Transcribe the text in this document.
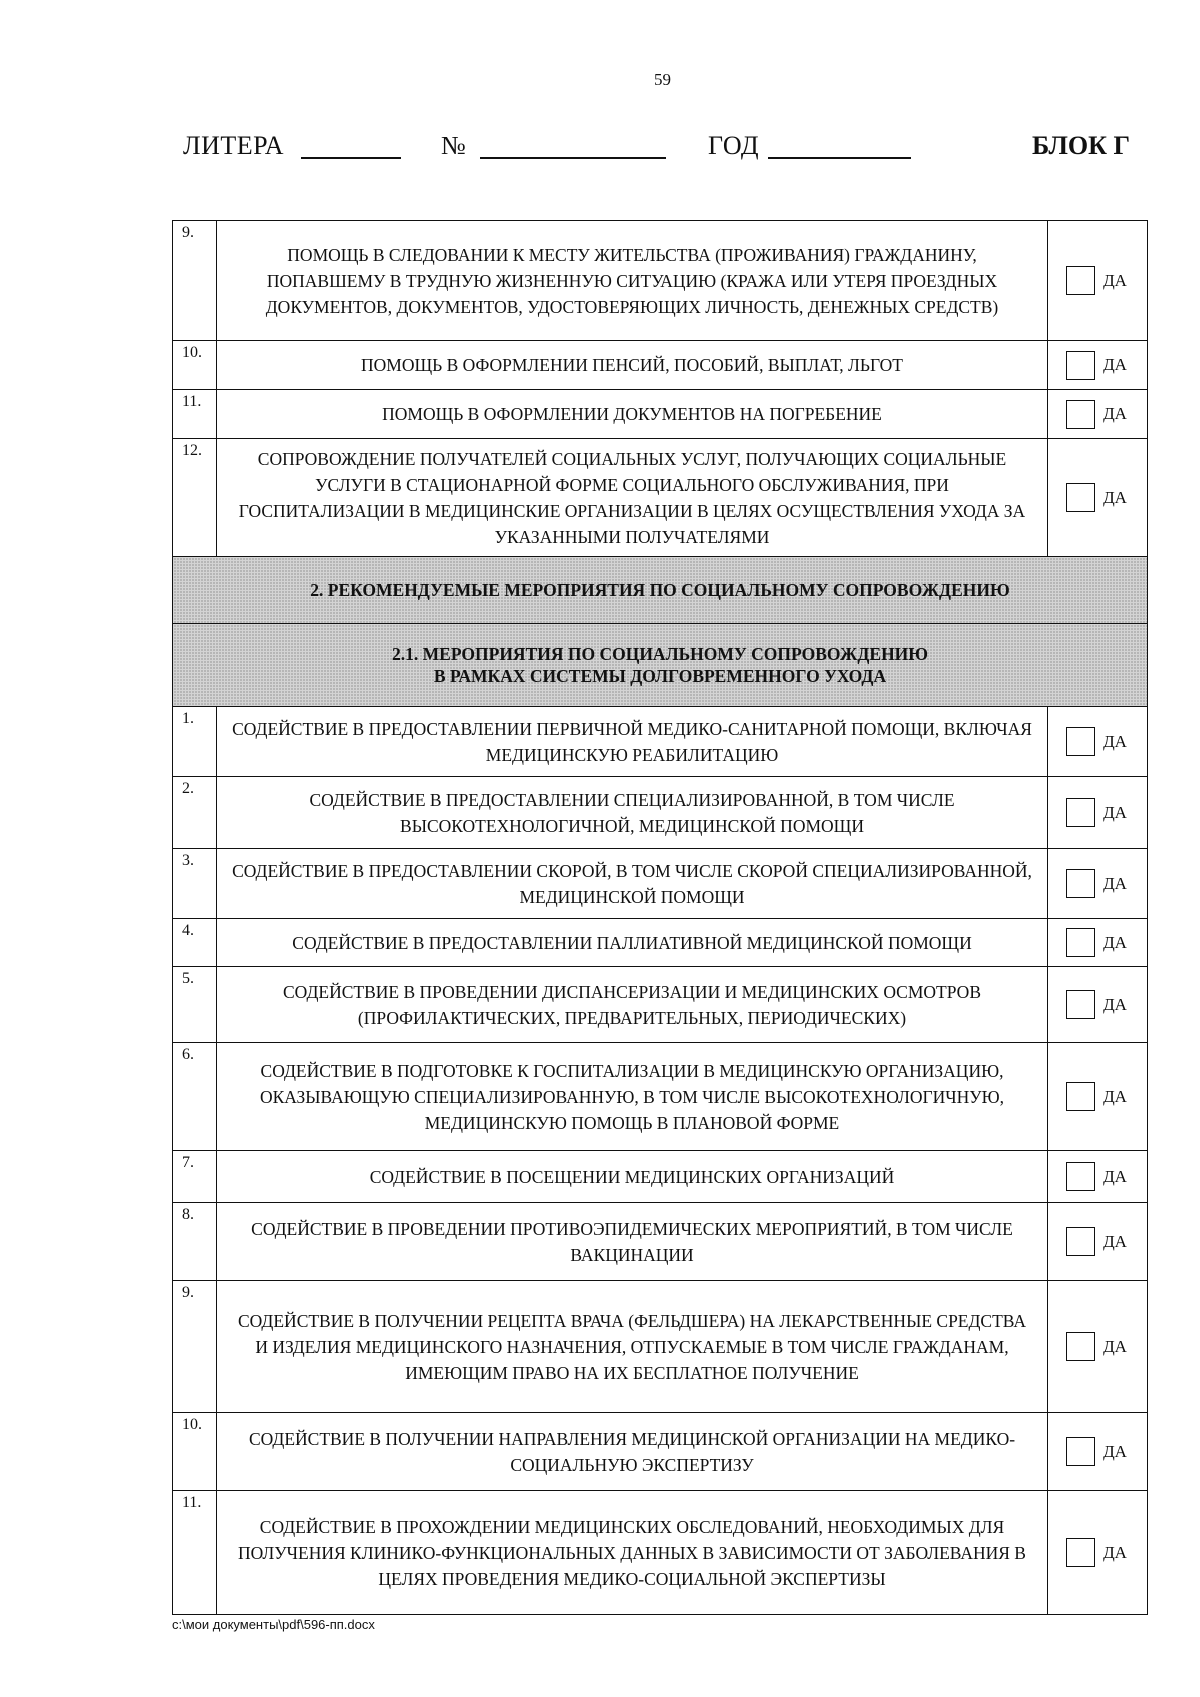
59
ЛИТЕРА	№	ГОД	БЛОК Г
9.	ПОМОЩЬ В СЛЕДОВАНИИ К МЕСТУ ЖИТЕЛЬСТВА (ПРОЖИВАНИЯ) ГРАЖДАНИНУ, ПОПАВШЕМУ В ТРУДНУЮ ЖИЗНЕННУЮ СИТУАЦИЮ (КРАЖА ИЛИ УТЕРЯ ПРОЕЗДНЫХ ДОКУМЕНТОВ, ДОКУМЕНТОВ, УДОСТОВЕРЯЮЩИХ ЛИЧНОСТЬ, ДЕНЕЖНЫХ СРЕДСТВ)	ДА

10.	ПОМОЩЬ В ОФОРМЛЕНИИ ПЕНСИЙ, ПОСОБИЙ, ВЫПЛАТ, ЛЬГОТ	ДА

11.	ПОМОЩЬ В ОФОРМЛЕНИИ ДОКУМЕНТОВ НА ПОГРЕБЕНИЕ	ДА

12.	СОПРОВОЖДЕНИЕ ПОЛУЧАТЕЛЕЙ СОЦИАЛЬНЫХ УСЛУГ, ПОЛУЧАЮЩИХ СОЦИАЛЬНЫЕ УСЛУГИ В СТАЦИОНАРНОЙ ФОРМЕ СОЦИАЛЬНОГО ОБСЛУЖИВАНИЯ, ПРИ ГОСПИТАЛИЗАЦИИ В МЕДИЦИНСКИЕ ОРГАНИЗАЦИИ В ЦЕЛЯХ ОСУЩЕСТВЛЕНИЯ УХОДА ЗА УКАЗАННЫМИ ПОЛУЧАТЕЛЯМИ	ДА

2. РЕКОМЕНДУЕМЫЕ МЕРОПРИЯТИЯ ПО СОЦИАЛЬНОМУ СОПРОВОЖДЕНИЮ		

2.1. МЕРОПРИЯТИЯ ПО СОЦИАЛЬНОМУ СОПРОВОЖДЕНИЮ
В РАМКАХ СИСТЕМЫ ДОЛГОВРЕМЕННОГО УХОДА		

1.	СОДЕЙСТВИЕ В ПРЕДОСТАВЛЕНИИ ПЕРВИЧНОЙ МЕДИКО-САНИТАРНОЙ ПОМОЩИ, ВКЛЮЧАЯ МЕДИЦИНСКУЮ РЕАБИЛИТАЦИЮ	ДА

2.	СОДЕЙСТВИЕ В ПРЕДОСТАВЛЕНИИ СПЕЦИАЛИЗИРОВАННОЙ, В ТОМ ЧИСЛЕ ВЫСОКОТЕХНОЛОГИЧНОЙ, МЕДИЦИНСКОЙ ПОМОЩИ	ДА

3.	СОДЕЙСТВИЕ В ПРЕДОСТАВЛЕНИИ СКОРОЙ, В ТОМ ЧИСЛЕ СКОРОЙ СПЕЦИАЛИЗИРОВАННОЙ, МЕДИЦИНСКОЙ ПОМОЩИ	ДА

4.	СОДЕЙСТВИЕ В ПРЕДОСТАВЛЕНИИ ПАЛЛИАТИВНОЙ МЕДИЦИНСКОЙ ПОМОЩИ	ДА

5.	СОДЕЙСТВИЕ В ПРОВЕДЕНИИ ДИСПАНСЕРИЗАЦИИ И МЕДИЦИНСКИХ ОСМОТРОВ (ПРОФИЛАКТИЧЕСКИХ, ПРЕДВАРИТЕЛЬНЫХ, ПЕРИОДИЧЕСКИХ)	ДА

6.	СОДЕЙСТВИЕ В ПОДГОТОВКЕ К ГОСПИТАЛИЗАЦИИ В МЕДИЦИНСКУЮ ОРГАНИЗАЦИЮ, ОКАЗЫВАЮЩУЮ СПЕЦИАЛИЗИРОВАННУЮ, В ТОМ ЧИСЛЕ ВЫСОКОТЕХНОЛОГИЧНУЮ, МЕДИЦИНСКУЮ ПОМОЩЬ В ПЛАНОВОЙ ФОРМЕ	ДА

7.	СОДЕЙСТВИЕ В ПОСЕЩЕНИИ МЕДИЦИНСКИХ ОРГАНИЗАЦИЙ	ДА

8.	СОДЕЙСТВИЕ В ПРОВЕДЕНИИ ПРОТИВОЭПИДЕМИЧЕСКИХ МЕРОПРИЯТИЙ, В ТОМ ЧИСЛЕ ВАКЦИНАЦИИ	ДА

9.	СОДЕЙСТВИЕ В ПОЛУЧЕНИИ РЕЦЕПТА ВРАЧА (ФЕЛЬДШЕРА) НА ЛЕКАРСТВЕННЫЕ СРЕДСТВА И ИЗДЕЛИЯ МЕДИЦИНСКОГО НАЗНАЧЕНИЯ, ОТПУСКАЕМЫЕ В ТОМ ЧИСЛЕ ГРАЖДАНАМ, ИМЕЮЩИМ ПРАВО НА ИХ БЕСПЛАТНОЕ ПОЛУЧЕНИЕ	ДА

10.	СОДЕЙСТВИЕ В ПОЛУЧЕНИИ НАПРАВЛЕНИЯ МЕДИЦИНСКОЙ ОРГАНИЗАЦИИ НА МЕДИКО-СОЦИАЛЬНУЮ ЭКСПЕРТИЗУ	ДА

11.	СОДЕЙСТВИЕ В ПРОХОЖДЕНИИ МЕДИЦИНСКИХ ОБСЛЕДОВАНИЙ, НЕОБХОДИМЫХ ДЛЯ ПОЛУЧЕНИЯ КЛИНИКО-ФУНКЦИОНАЛЬНЫХ ДАННЫХ В ЗАВИСИМОСТИ ОТ ЗАБОЛЕВАНИЯ В ЦЕЛЯХ ПРОВЕДЕНИЯ МЕДИКО-СОЦИАЛЬНОЙ ЭКСПЕРТИЗЫ	ДА
c:\мои документы\pdf\596-пп.docx
